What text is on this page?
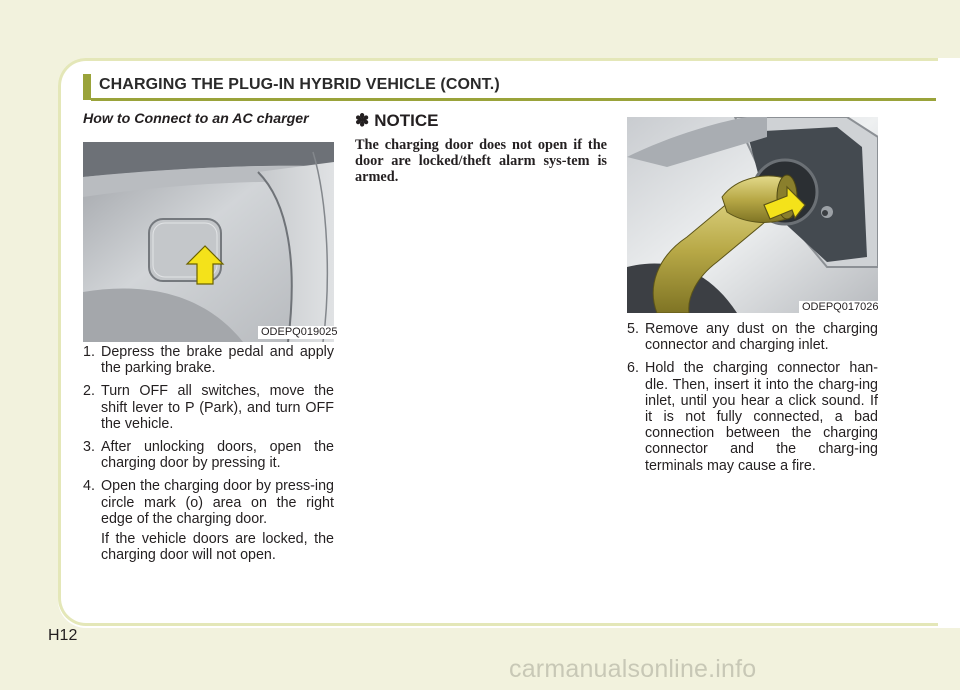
CHARGING THE PLUG-IN HYBRID VEHICLE (CONT.)
How to Connect to an AC charger
ODEPQ019025
1. Depress the brake pedal and apply the parking brake.
2. Turn OFF all switches, move the shift lever to P (Park), and turn OFF the vehicle.
3. After unlocking doors, open the charging door by pressing it.
4. Open the charging door by press-ing circle mark (o) area on the right edge of the charging door.
If the vehicle doors are locked, the charging door will not open.
✽ NOTICE
The charging door does not open if the door are locked/theft alarm sys-tem is armed.
ODEPQ017026
5. Remove any dust on the charging connector and charging inlet.
6. Hold the charging connector han-dle. Then, insert it into the charg-ing inlet, until you hear a click sound. If it is not fully connected, a bad connection between the charging connector and the charg-ing terminals may cause a fire.
H12
carmanualsonline.info
